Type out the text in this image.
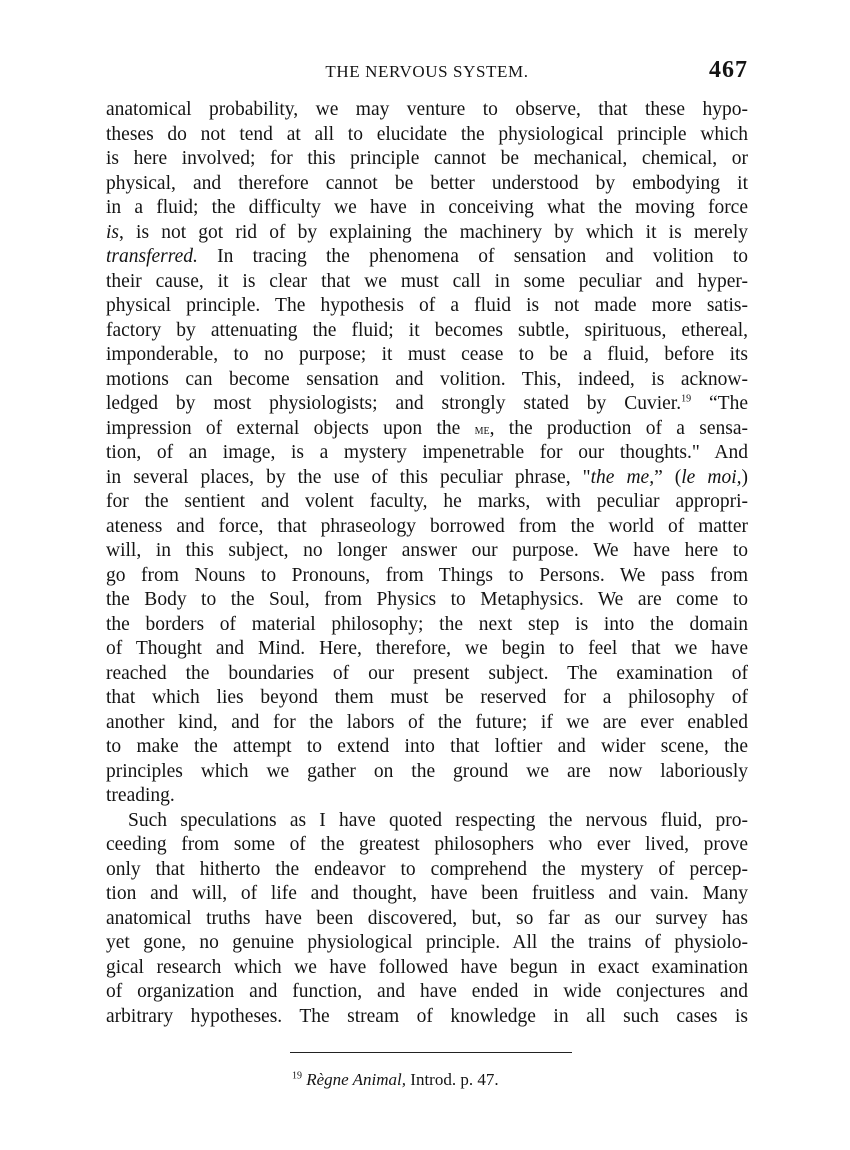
THE NERVOUS SYSTEM.	467

anatomical probability, we may venture to observe, that these hypo-
theses do not tend at all to elucidate the physiological principle which
is here involved; for this principle cannot be mechanical, chemical, or
physical, and therefore cannot be better understood by embodying it
in a fluid; the difficulty we have in conceiving what the moving force
is, is not got rid of by explaining the machinery by which it is merely
transferred. In tracing the phenomena of sensation and volition to
their cause, it is clear that we must call in some peculiar and hyper-
physical principle. The hypothesis of a fluid is not made more satis-
factory by attenuating the fluid; it becomes subtle, spirituous, ethereal,
imponderable, to no purpose; it must cease to be a fluid, before its
motions can become sensation and volition. This, indeed, is acknow-
ledged by most physiologists; and strongly stated by Cuvier.$^{19}$ “The
impression of external objects upon the me, the production of a sensa-
tion, of an image, is a mystery impenetrable for our thoughts." And
in several places, by the use of this peculiar phrase, "the me,” (le moi,)
for the sentient and volent faculty, he marks, with peculiar appropri-
ateness and force, that phraseology borrowed from the world of matter
will, in this subject, no longer answer our purpose. We have here to
go from Nouns to Pronouns, from Things to Persons. We pass from
the Body to the Soul, from Physics to Metaphysics. We are come to
the borders of material philosophy; the next step is into the domain
of Thought and Mind. Here, therefore, we begin to feel that we have
reached the boundaries of our present subject. The examination of
that which lies beyond them must be reserved for a philosophy of
another kind, and for the labors of the future; if we are ever enabled
to make the attempt to extend into that loftier and wider scene, the
principles which we gather on the ground we are now laboriously
treading.

Such speculations as I have quoted respecting the nervous fluid, pro-
ceeding from some of the greatest philosophers who ever lived, prove
only that hitherto the endeavor to comprehend the mystery of percep-
tion and will, of life and thought, have been fruitless and vain. Many
anatomical truths have been discovered, but, so far as our survey has
yet gone, no genuine physiological principle. All the trains of physiolo-
gical research which we have followed have begun in exact examination
of organization and function, and have ended in wide conjectures and
arbitrary hypotheses. The stream of knowledge in all such cases is

$^{19}$ Règne Animal, Introd. p. 47.
